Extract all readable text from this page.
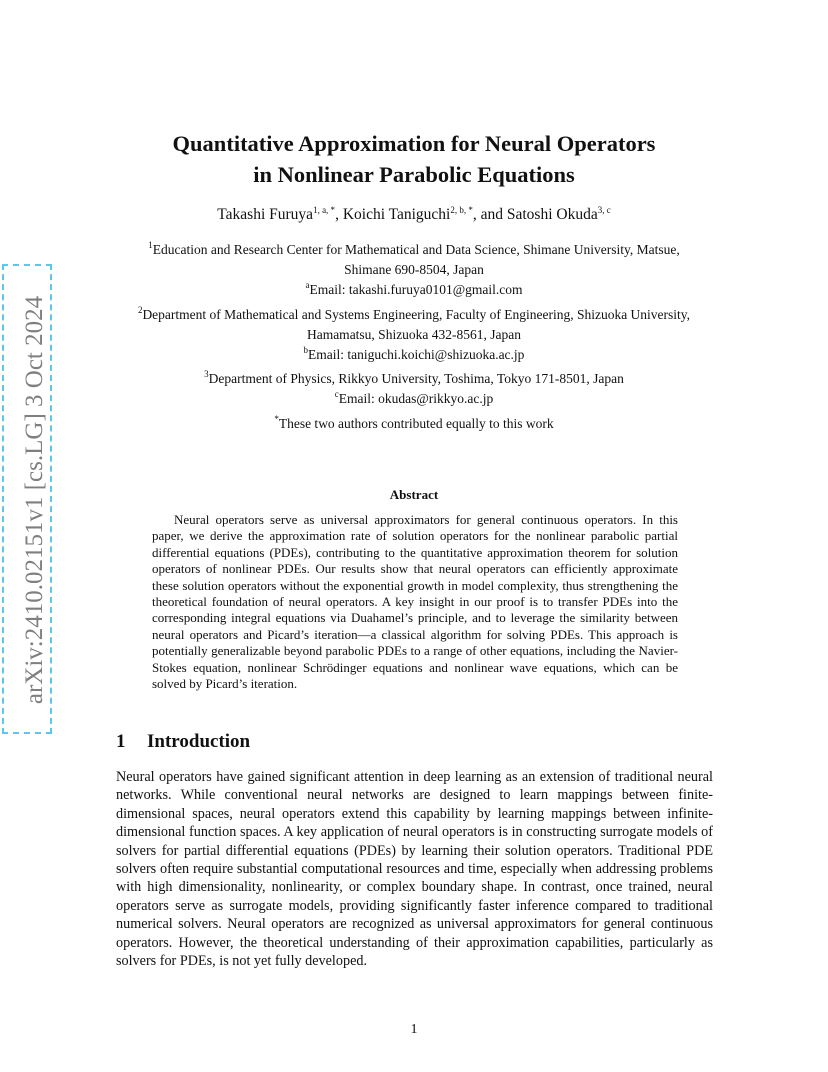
arXiv:2410.02151v1 [cs.LG] 3 Oct 2024
Quantitative Approximation for Neural Operators
in Nonlinear Parabolic Equations
Takashi Furuya$^{1, a, *}$, Koichi Taniguchi$^{2, b, *}$, and Satoshi Okuda$^{3, c}$
$^1$Education and Research Center for Mathematical and Data Science, Shimane University, Matsue,
Shimane 690-8504, Japan
$^a$Email: takashi.furuya0101@gmail.com
$^2$Department of Mathematical and Systems Engineering, Faculty of Engineering, Shizuoka University,
Hamamatsu, Shizuoka 432-8561, Japan
$^b$Email: taniguchi.koichi@shizuoka.ac.jp
$^3$Department of Physics, Rikkyo University, Toshima, Tokyo 171-8501, Japan
$^c$Email: okudas@rikkyo.ac.jp
*These two authors contributed equally to this work
Abstract

Neural operators serve as universal approximators for general continuous operators. In this paper, we derive the approximation rate of solution operators for the nonlinear parabolic partial differential equations (PDEs), contributing to the quantitative approximation theorem for solution operators of nonlinear PDEs. Our results show that neural operators can efficiently approximate these solution operators without the exponential growth in model complexity, thus strengthening the theoretical foundation of neural operators. A key insight in our proof is to transfer PDEs into the corresponding integral equations via Duahamel’s principle, and to leverage the similarity between neural operators and Picard’s iteration—a classical algorithm for solving PDEs. This approach is potentially generalizable beyond parabolic PDEs to a range of other equations, including the Navier-Stokes equation, nonlinear Schrödinger equations and nonlinear wave equations, which can be solved by Picard’s iteration.

1 Introduction

Neural operators have gained significant attention in deep learning as an extension of traditional neural networks. While conventional neural networks are designed to learn mappings between finite-dimensional spaces, neural operators extend this capability by learning mappings between infinite-dimensional function spaces. A key application of neural operators is in constructing surrogate models of solvers for partial differential equations (PDEs) by learning their solution operators. Traditional PDE solvers often require substantial computational resources and time, especially when addressing problems with high dimensionality, nonlinearity, or complex boundary shape. In contrast, once trained, neural operators serve as surrogate models, providing significantly faster inference compared to traditional numerical solvers. Neural operators are recognized as universal approximators for general continuous operators. However, the theoretical understanding of their approximation capabilities, particularly as solvers for PDEs, is not yet fully developed.

1
